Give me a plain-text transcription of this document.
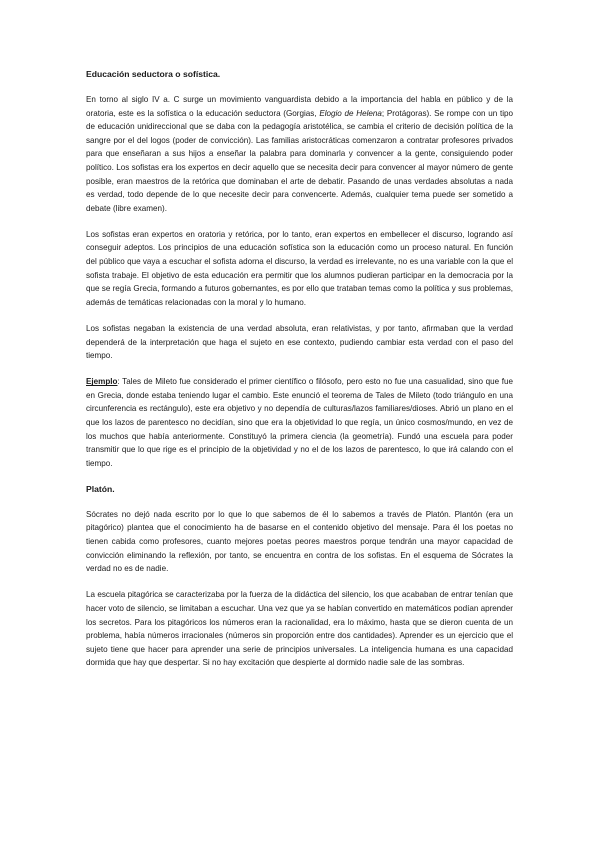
Educación seductora o sofística.

En torno al siglo IV a. C surge un movimiento vanguardista debido a la importancia del habla en público y de la oratoria, este es la sofística o la educación seductora (Gorgias, Elogio de Helena; Protágoras). Se rompe con un tipo de educación unidireccional que se daba con la pedagogía aristotélica, se cambia el criterio de decisión política de la sangre por el del logos (poder de convicción). Las familias aristocráticas comenzaron a contratar profesores privados para que enseñaran a sus hijos a enseñar la palabra para dominarla y convencer a la gente, consiguiendo poder político. Los sofistas era los expertos en decir aquello que se necesita decir para convencer al mayor número de gente posible, eran maestros de la retórica que dominaban el arte de debatir. Pasando de unas verdades absolutas a nada es verdad, todo depende de lo que necesite decir para convencerte. Además, cualquier tema puede ser sometido a debate (libre examen).

Los sofistas eran expertos en oratoria y retórica, por lo tanto, eran expertos en embellecer el discurso, logrando así conseguir adeptos. Los principios de una educación sofística son la educación como un proceso natural. En función del público que vaya a escuchar el sofista adorna el discurso, la verdad es irrelevante, no es una variable con la que el sofista trabaje. El objetivo de esta educación era permitir que los alumnos pudieran participar en la democracia por la que se regía Grecia, formando a futuros gobernantes, es por ello que trataban temas como la política y sus problemas, además de temáticas relacionadas con la moral y lo humano.

Los sofistas negaban la existencia de una verdad absoluta, eran relativistas, y por tanto, afirmaban que la verdad dependerá de la interpretación que haga el sujeto en ese contexto, pudiendo cambiar esta verdad con el paso del tiempo.

Ejemplo: Tales de Mileto fue considerado el primer científico o filósofo, pero esto no fue una casualidad, sino que fue en Grecia, donde estaba teniendo lugar el cambio. Este enunció el teorema de Tales de Mileto (todo triángulo en una circunferencia es rectángulo), este era objetivo y no dependía de culturas/lazos familiares/dioses. Abrió un plano en el que los lazos de parentesco no decidían, sino que era la objetividad lo que regía, un único cosmos/mundo, en vez de los muchos que había anteriormente. Constituyó la primera ciencia (la geometría). Fundó una escuela para poder transmitir que lo que rige es el principio de la objetividad y no el de los lazos de parentesco, lo que irá calando con el tiempo.

Platón.

Sócrates no dejó nada escrito por lo que lo que sabemos de él lo sabemos a través de Platón. Plantón (era un pitagórico) plantea que el conocimiento ha de basarse en el contenido objetivo del mensaje. Para él los poetas no tienen cabida como profesores, cuanto mejores poetas peores maestros porque tendrán una mayor capacidad de convicción eliminando la reflexión, por tanto, se encuentra en contra de los sofistas. En el esquema de Sócrates la verdad no es de nadie.

La escuela pitagórica se caracterizaba por la fuerza de la didáctica del silencio, los que acababan de entrar tenían que hacer voto de silencio, se limitaban a escuchar. Una vez que ya se habían convertido en matemáticos podían aprender los secretos. Para los pitagóricos los números eran la racionalidad, era lo máximo, hasta que se dieron cuenta de un problema, había números irracionales (números sin proporción entre dos cantidades). Aprender es un ejercicio que el sujeto tiene que hacer para aprender una serie de principios universales. La inteligencia humana es una capacidad dormida que hay que despertar. Si no hay excitación que despierte al dormido nadie sale de las sombras.
